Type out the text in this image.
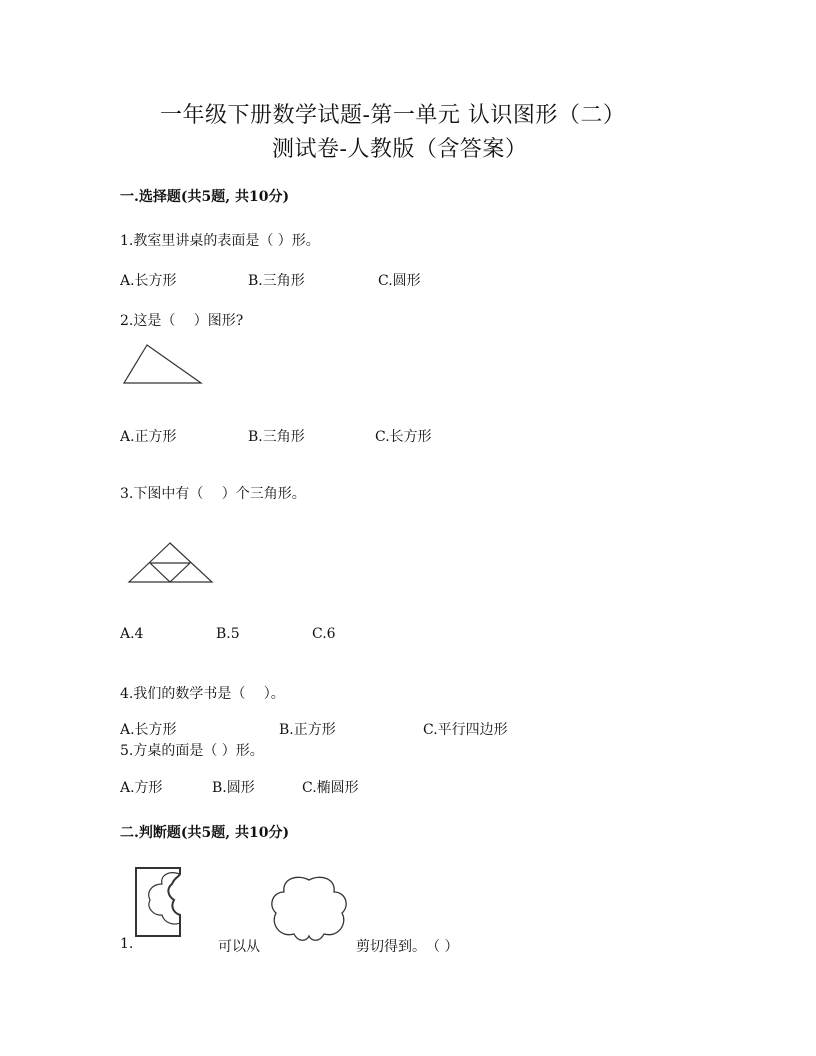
一年级下册数学试题-第一单元 认识图形（二）
测试卷-人教版（含答案）
一.选择题(共5题, 共10分)
1.教室里讲桌的表面是（ ）形。
A.长方形	B.三角形	C.圆形
2.这是（　 ）图形?
A.正方形	B.三角形	C.长方形
3.下图中有（　 ）个三角形。
A.4	B.5	C.6
4.我们的数学书是（　 ）。
A.长方形	B.正方形	C.平行四边形
5.方桌的面是（ ）形。
A.方形	B.圆形	C.椭圆形
二.判断题(共5题, 共10分)
1.	可以从	剪切得到。　（ ）
